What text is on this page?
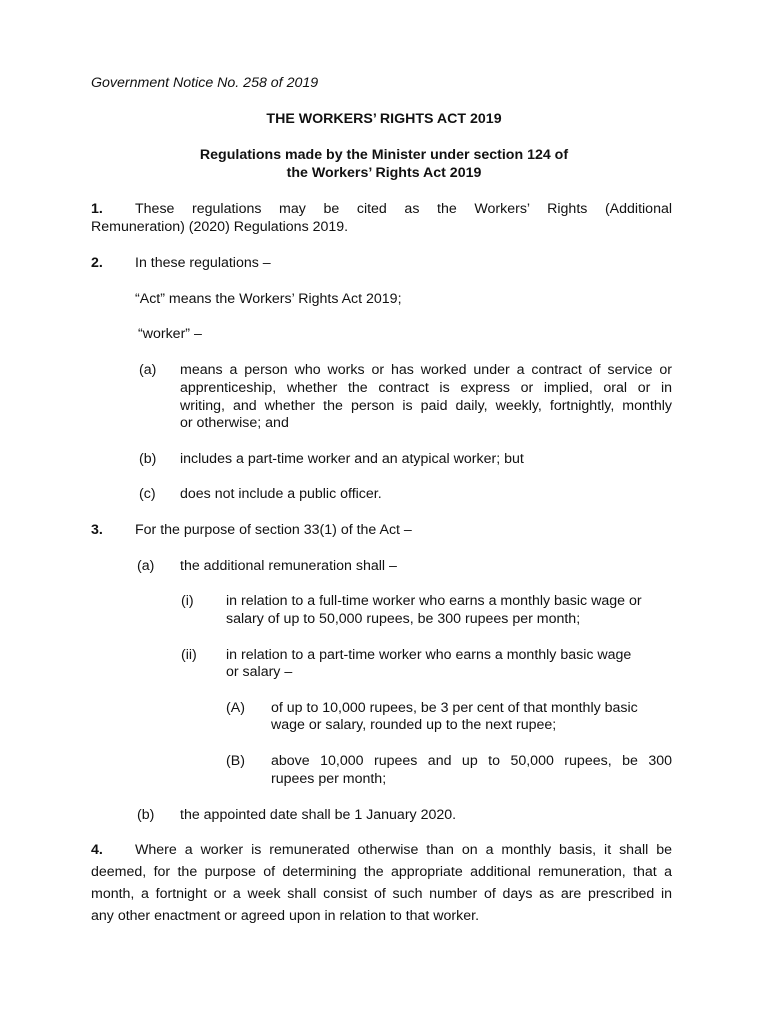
Government Notice No. 258 of 2019
THE WORKERS’ RIGHTS ACT 2019
Regulations made by the Minister under section 124 of
the Workers’ Rights Act 2019
1. These regulations may be cited as the Workers’ Rights (Additional
Remuneration) (2020) Regulations 2019.
2. In these regulations –
“Act” means the Workers’ Rights Act 2019;
“worker” –
(a) means a person who works or has worked under a contract of service or
apprenticeship, whether the contract is express or implied, oral or in
writing, and whether the person is paid daily, weekly, fortnightly, monthly
or otherwise; and
(b) includes a part-time worker and an atypical worker; but
(c) does not include a public officer.
3. For the purpose of section 33(1) of the Act –
(a) the additional remuneration shall –
(i) in relation to a full-time worker who earns a monthly basic wage or
salary of up to 50,000 rupees, be 300 rupees per month;
(ii) in relation to a part-time worker who earns a monthly basic wage
or salary –
(A) of up to 10,000 rupees, be 3 per cent of that monthly basic
wage or salary, rounded up to the next rupee;
(B) above 10,000 rupees and up to 50,000 rupees, be 300
rupees per month;
(b) the appointed date shall be 1 January 2020.
4. Where a worker is remunerated otherwise than on a monthly basis, it shall be
deemed, for the purpose of determining the appropriate additional remuneration, that a
month, a fortnight or a week shall consist of such number of days as are prescribed in
any other enactment or agreed upon in relation to that worker.
